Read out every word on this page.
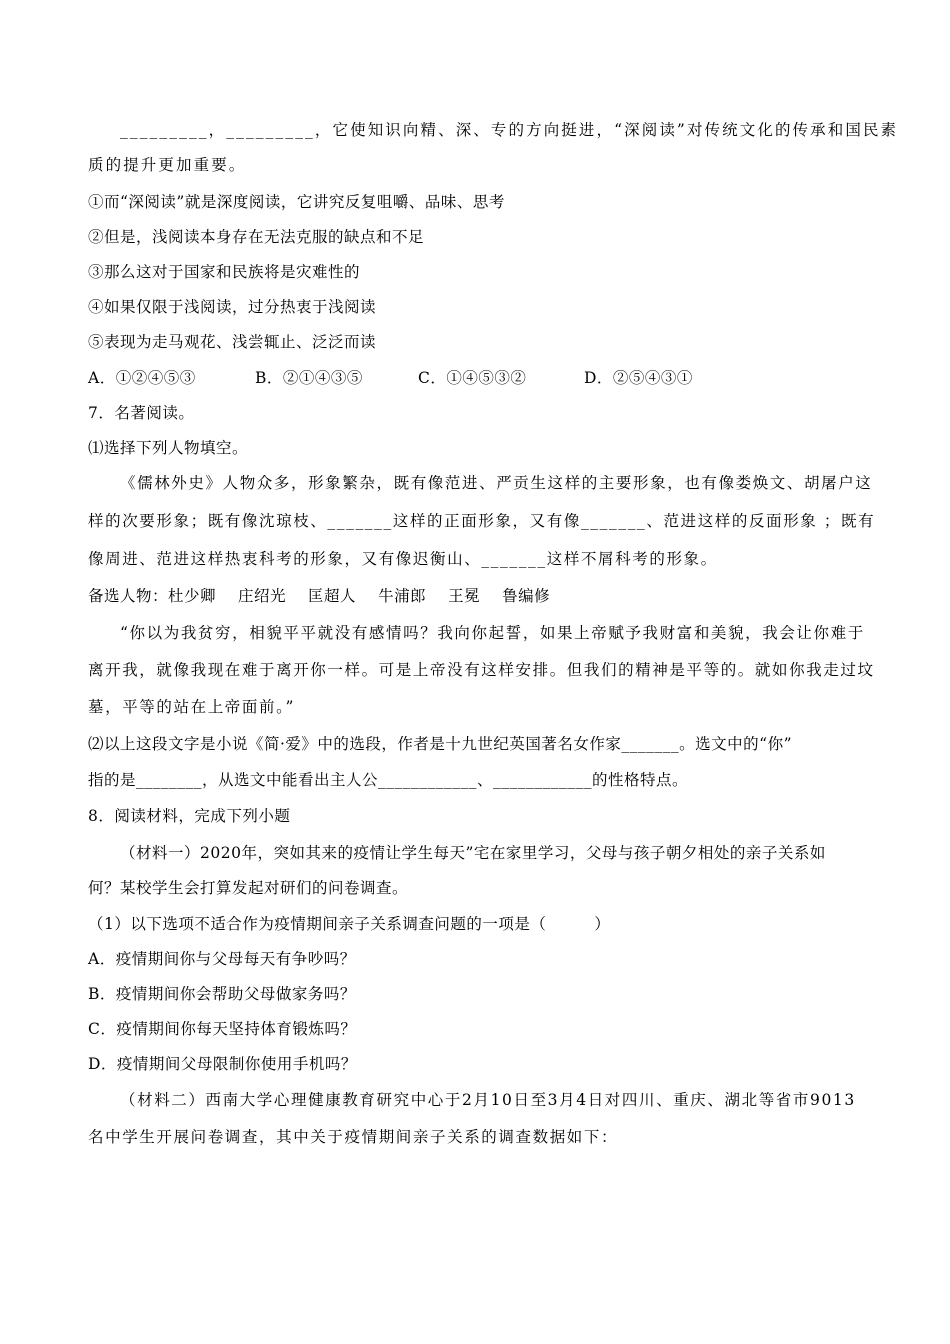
_________，_________，它使知识向精、深、专的方向挺进，“深阅读”对传统文化的传承和国民素
质的提升更加重要。
①而“深阅读”就是深度阅读，它讲究反复咀嚼、品味、思考
②但是，浅阅读本身存在无法克服的缺点和不足
③那么这对于国家和民族将是灾难性的
④如果仅限于浅阅读，过分热衷于浅阅读
⑤表现为走马观花、浅尝辄止、泛泛而读
A．①②④⑤③	B．②①④③⑤	C．①④⑤③②	D．②⑤④③①
7．名著阅读。
⑴选择下列人物填空。
《儒林外史》人物众多，形象繁杂，既有像范进、严贡生这样的主要形象，也有像娄焕文、胡屠户这
样的次要形象；既有像沈琼枝、_______这样的正面形象，又有像_______、范进这样的反面形象 ；既有
像周进、范进这样热衷科考的形象，又有像迟衡山、_______这样不屑科考的形象。
备选人物：杜少卿 庄绍光 匡超人 牛浦郎 王冕 鲁编修
“你以为我贫穷，相貌平平就没有感情吗？我向你起誓，如果上帝赋予我财富和美貌，我会让你难于
离开我，就像我现在难于离开你一样。可是上帝没有这样安排。但我们的精神是平等的。就如你我走过坟
墓，平等的站在上帝面前。”
⑵以上这段文字是小说《简·爱》中的选段，作者是十九世纪英国著名女作家_______。选文中的“你”
指的是________，从选文中能看出主人公____________、____________的性格特点。
8．阅读材料，完成下列小题
（材料一）2020年，突如其来的疫情让学生每天”宅在家里学习，父母与孩子朝夕相处的亲子关系如
何？某校学生会打算发起对研们的问卷调查。
（1）以下选项不适合作为疫情期间亲子关系调查问题的一项是（　　　）
A．疫情期间你与父母每天有争吵吗？
B．疫情期间你会帮助父母做家务吗？
C．疫情期间你每天坚持体育锻炼吗？
D．疫情期间父母限制你使用手机吗？
（材料二）西南大学心理健康教育研究中心于2月10日至3月4日对四川、重庆、湖北等省市9013
名中学生开展问卷调查，其中关于疫情期间亲子关系的调查数据如下：
